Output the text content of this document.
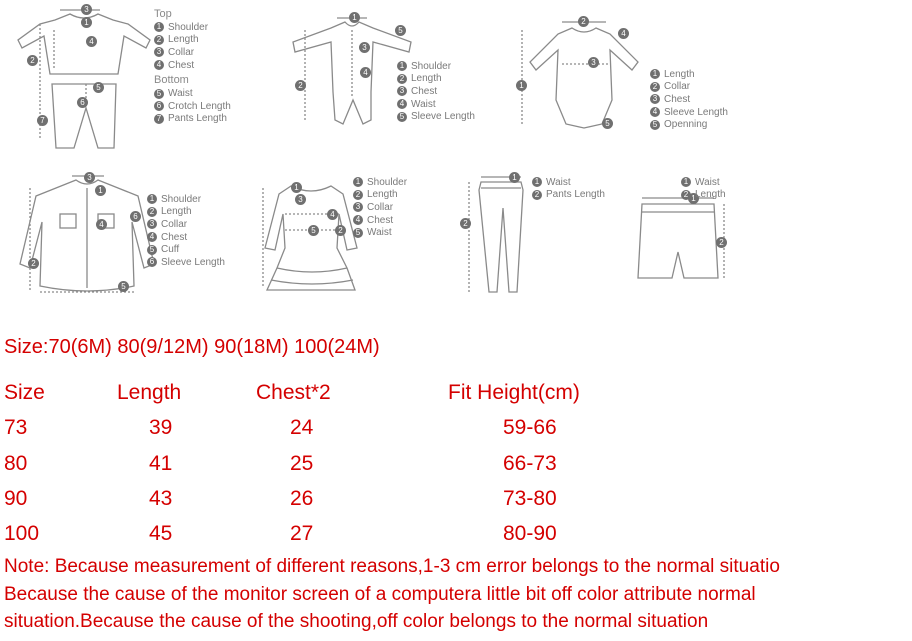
3
1
4
2
5
6
7
Top
1 Shoulder
2 Length
3 Collar
4 Chest
Bottom
5 Waist
6 Crotch Length
7 Pants Length
1
5
3
2
4
1 Shoulder
2 Length
3 Chest
4 Waist
5 Sleeve Length
2
4
3
1
5
1 Length
2 Collar
3 Chest
4 Sleeve Length
5 Openning
3
1
6
4
2
5
1 Shoulder
2 Length
3 Collar
4 Chest
5 Cuff
6 Sleeve Length
1
3
4
5	2
1 Shoulder
2 Length
3 Collar
4 Chest
5 Waist
1
2
1 Waist
2 Pants Length	1
2
1 Waist
2 Length
Size:70(6M) 80(9/12M) 90(18M) 100(24M)
Size	Length	Chest*2	Fit Height(cm)
73	39	24	59-66
80	41	25	66-73
90	43	26	73-80
100	45	27	80-90
Note: Because measurement of different reasons,1-3 cm error belongs to the normal situatio
Because the cause of the monitor screen of a computera little bit off color attribute normal
situation.Because the cause of the shooting,off color belongs to the normal situation
